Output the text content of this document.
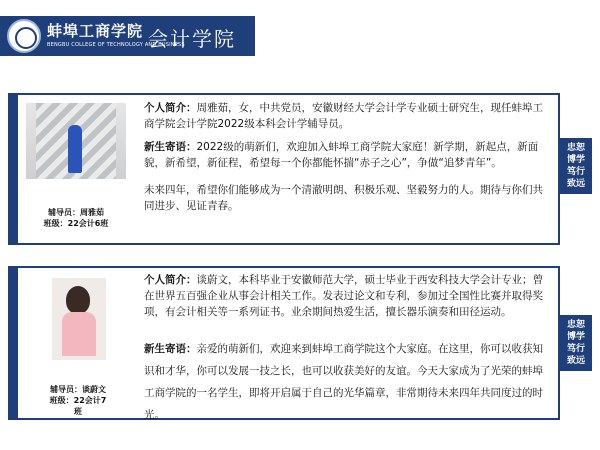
蚌埠工商学院
BENGBU COLLEGE OF TECHNOLOGY AND BUSINESS
会计学院
辅导员：周雅茹
班级：22会计6班
个人简介：周雅茹，女，中共党员，安徽财经大学会计学专业硕士研究生，现任蚌埠工商学院会计学院2022级本科会计学辅导员。
新生寄语：2022级的萌新们，欢迎加入蚌埠工商学院大家庭！新学期，新起点，新面貌，新希望，新征程，希望每一个你都能怀揣“赤子之心”，争做“追梦青年”。
未来四年，希望你们能够成为一个清澈明朗、积极乐观、坚毅努力的人。期待与你们共同进步、见证青春。
忠恕
博学
笃行
致远
辅导员：谈蔚文
班级：22会计7班
个人简介：谈蔚文，本科毕业于安徽师范大学，硕士毕业于西安科技大学会计专业；曾在世界五百强企业从事会计相关工作。发表过论文和专利，参加过全国性比赛并取得奖项，有会计相关等一系列证书。业余期间热爱生活，擅长器乐演奏和田径运动。
新生寄语：亲爱的萌新们，欢迎来到蚌埠工商学院这个大家庭。在这里，你可以收获知识和才华，你可以发展一技之长，也可以收获美好的友谊。今天大家成为了光荣的蚌埠工商学院的一名学生，即将开启属于自己的光华篇章，非常期待未来四年共同度过的时光。
忠恕
博学
笃行
致远
